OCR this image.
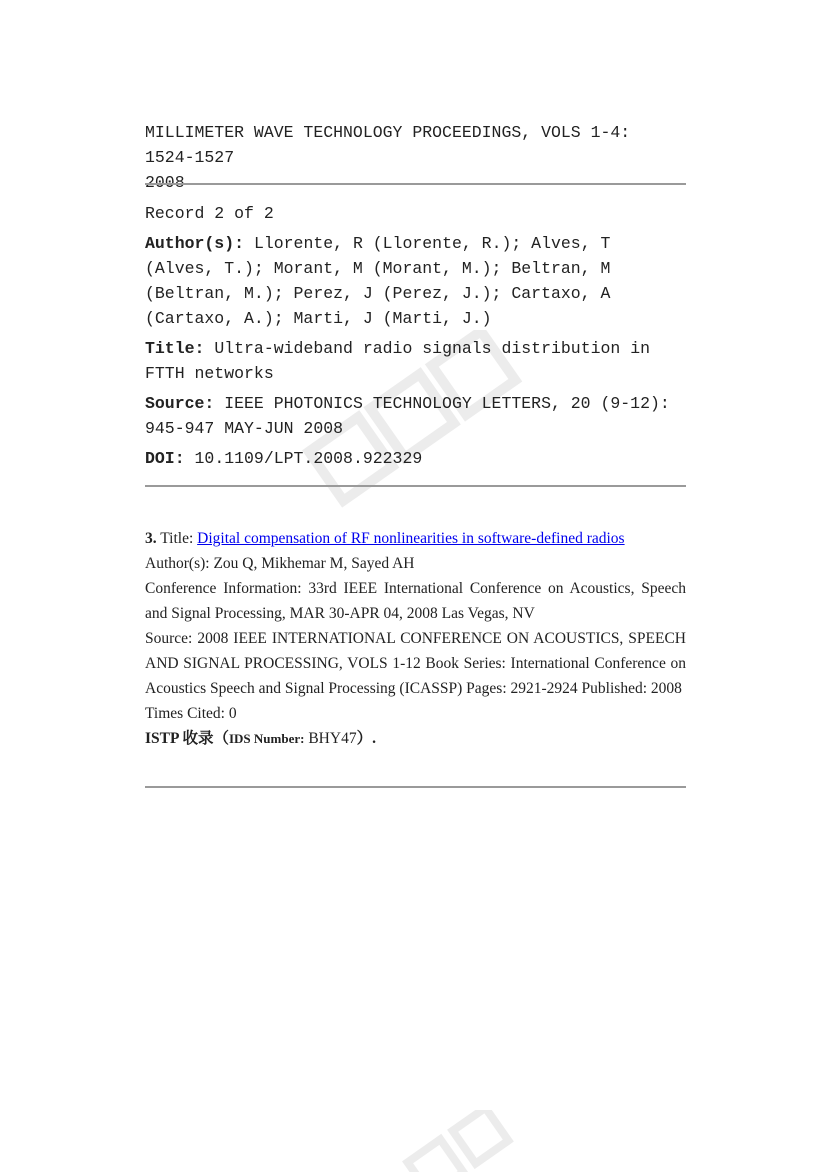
MILLIMETER WAVE TECHNOLOGY PROCEEDINGS, VOLS 1-4: 1524-1527
2008
Record 2 of 2
Author(s): Llorente, R (Llorente, R.); Alves, T (Alves, T.); Morant, M (Morant, M.); Beltran, M (Beltran, M.); Perez, J (Perez, J.); Cartaxo, A (Cartaxo, A.); Marti, J (Marti, J.)
Title: Ultra-wideband radio signals distribution in FTTH networks
Source: IEEE PHOTONICS TECHNOLOGY LETTERS, 20 (9-12): 945-947 MAY-JUN 2008
DOI: 10.1109/LPT.2008.922329
3. Title: Digital compensation of RF nonlinearities in software-defined radios
Author(s): Zou Q, Mikhemar M, Sayed AH
Conference Information: 33rd IEEE International Conference on Acoustics, Speech and Signal Processing, MAR 30-APR 04, 2008 Las Vegas, NV
Source: 2008 IEEE INTERNATIONAL CONFERENCE ON ACOUSTICS, SPEECH AND SIGNAL PROCESSING, VOLS 1-12 Book Series: International Conference on Acoustics Speech and Signal Processing (ICASSP) Pages: 2921-2924 Published: 2008
Times Cited: 0
ISTP 收录（IDS Number: BHY47）.
